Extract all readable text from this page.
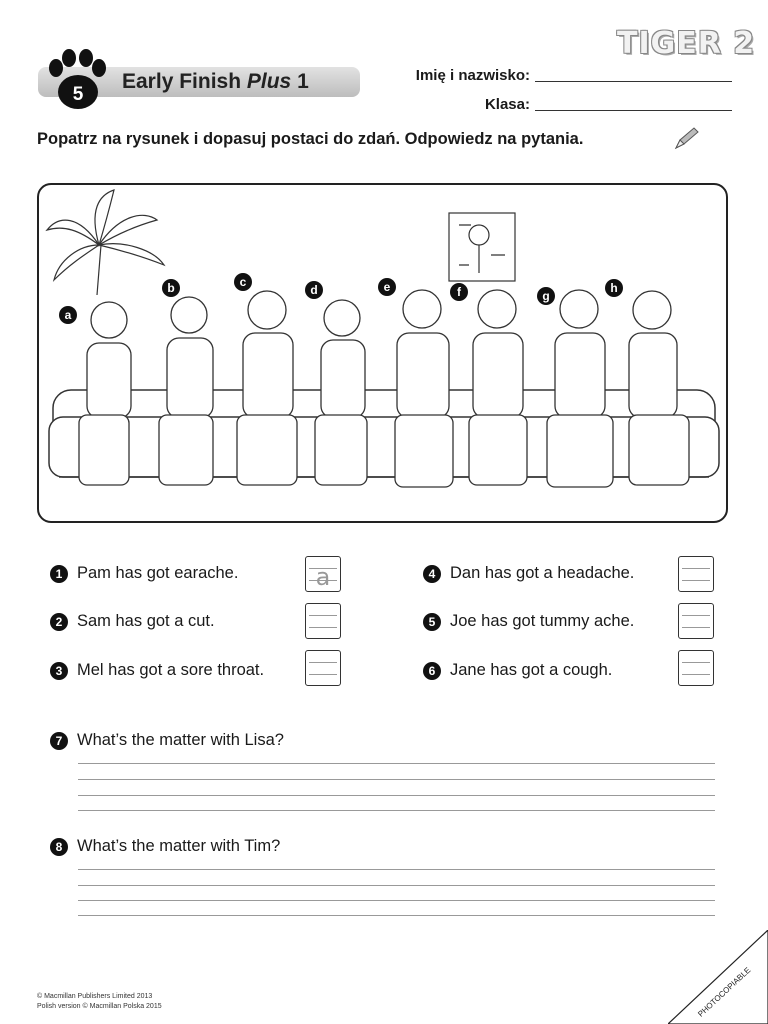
TIGER 2
5
Early Finish Plus 1	Imię i nazwisko:
Klasa:
Popatrz na rysunek i dopasuj postaci do zdań. Odpowiedz na pytania.
a
b	c
d	e	f	g
h
1 Pam has got earache.	a
2 Sam has got a cut.
3 Mel has got a sore throat.
4 Dan has got a headache.
5 Joe has got tummy ache.
6 Jane has got a cough.
7 What’s the matter with Lisa?
8 What’s the matter with Tim?
© Macmillan Publishers Limited 2013
Polish version © Macmillan Polska 2015	PHOTOCOPIABLE
